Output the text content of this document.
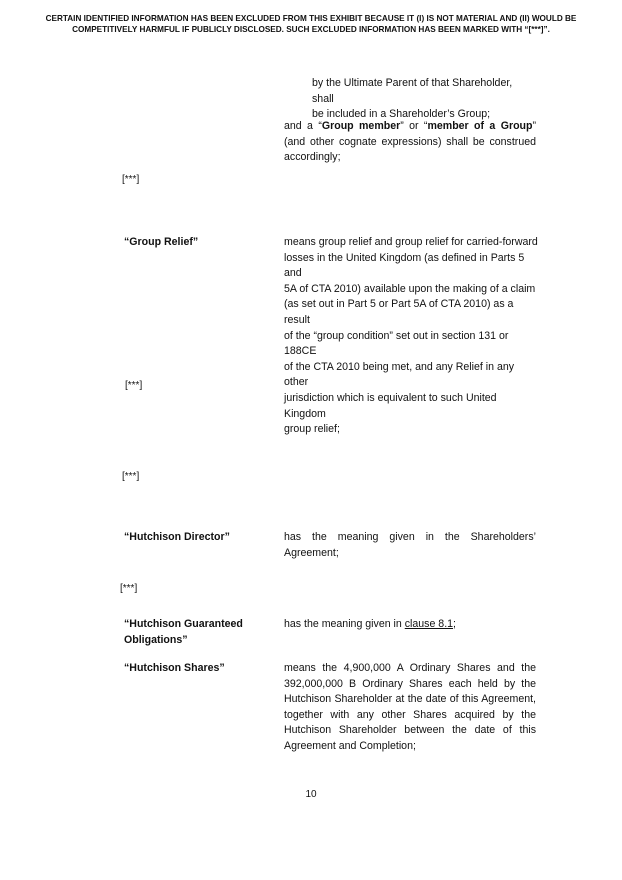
CERTAIN IDENTIFIED INFORMATION HAS BEEN EXCLUDED FROM THIS EXHIBIT BECAUSE IT (I) IS NOT MATERIAL AND (II) WOULD BE COMPETITIVELY HARMFUL IF PUBLICLY DISCLOSED. SUCH EXCLUDED INFORMATION HAS BEEN MARKED WITH “[***]”.
by the Ultimate Parent of that Shareholder, shall
be included in a Shareholder’s Group;
and a “Group member” or “member of a Group” (and other cognate expressions) shall be construed accordingly;
[***]
“Group Relief”	means group relief and group relief for carried-forward
losses in the United Kingdom (as defined in Parts 5 and
5A of CTA 2010) available upon the making of a claim
(as set out in Part 5 or Part 5A of CTA 2010) as a result
of the “group condition” set out in section 131 or 188CE
of the CTA 2010 being met, and any Relief in any other
jurisdiction which is equivalent to such United Kingdom
group relief;
[***]
[***]
“Hutchison Director”	has the meaning given in the Shareholders’ Agreement;
[***]
“Hutchison Guaranteed
Obligations”
has the meaning given in clause 8.1;
“Hutchison Shares”	means the 4,900,000 A Ordinary Shares and the 392,000,000 B Ordinary Shares each held by the Hutchison Shareholder at the date of this Agreement, together with any other Shares acquired by the Hutchison Shareholder between the date of this Agreement and Completion;
10
